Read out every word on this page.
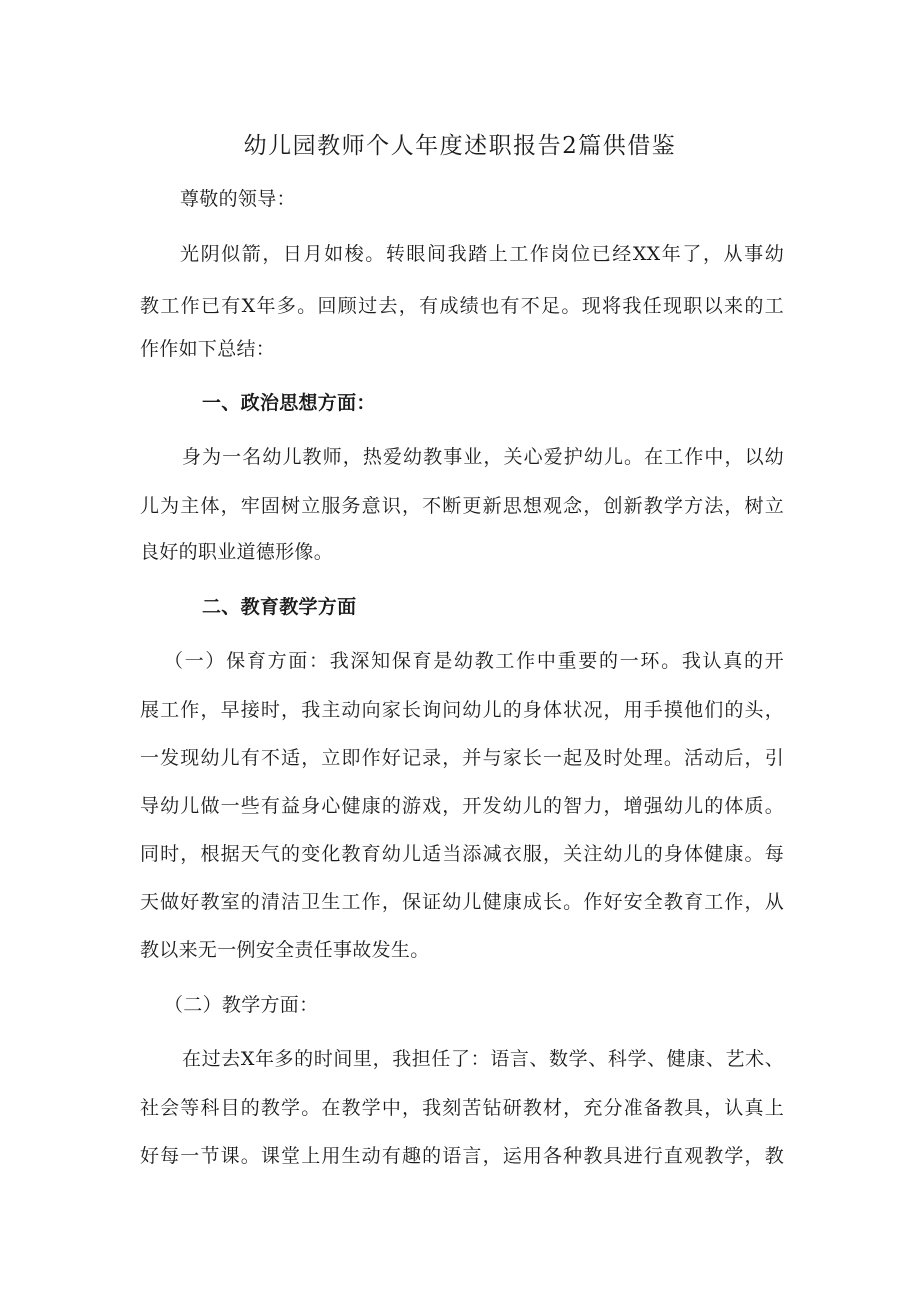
幼儿园教师个人年度述职报告2篇供借鉴
尊敬的领导：
光阴似箭，日月如梭。转眼间我踏上工作岗位已经XX年了，从事幼
教工作已有X年多。回顾过去，有成绩也有不足。现将我任现职以来的工
作作如下总结：
一、政治思想方面：
身为一名幼儿教师，热爱幼教事业，关心爱护幼儿。在工作中，以幼
儿为主体，牢固树立服务意识，不断更新思想观念，创新教学方法，树立
良好的职业道德形像。
二、教育教学方面
（一）保育方面：我深知保育是幼教工作中重要的一环。我认真的开
展工作，早接时，我主动向家长询问幼儿的身体状况，用手摸他们的头，
一发现幼儿有不适，立即作好记录，并与家长一起及时处理。活动后，引
导幼儿做一些有益身心健康的游戏，开发幼儿的智力，增强幼儿的体质。
同时，根据天气的变化教育幼儿适当添减衣服，关注幼儿的身体健康。每
天做好教室的清洁卫生工作，保证幼儿健康成长。作好安全教育工作，从
教以来无一例安全责任事故发生。
（二）教学方面：
在过去X年多的时间里，我担任了：语言、数学、科学、健康、艺术、
社会等科目的教学。在教学中，我刻苦钻研教材，充分准备教具，认真上
好每一节课。课堂上用生动有趣的语言，运用各种教具进行直观教学，教
